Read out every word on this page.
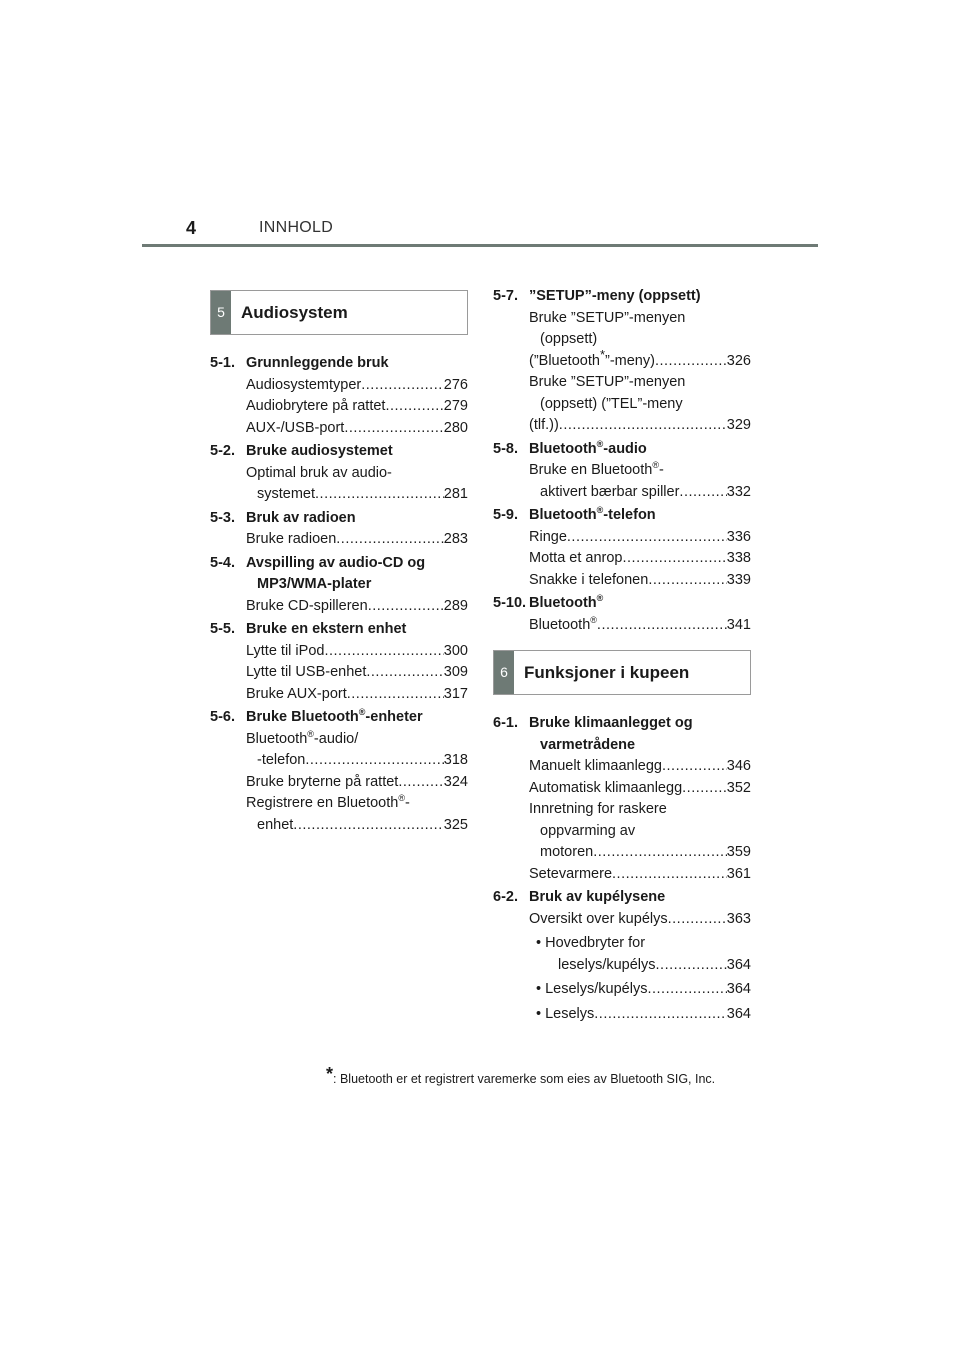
4	INNHOLD
5 Audiosystem
5-1. Grunnleggende bruk
Audiosystemtyper .....	276
Audiobrytere på rattet .....	279
AUX-/USB-port .....	280
5-2. Bruke audiosystemet
Optimal bruk av audio-
systemet .....	281
5-3. Bruk av radioen
Bruke radioen .....	283
5-4. Avspilling av audio-CD og
MP3/WMA-plater
Bruke CD-spilleren .....	289
5-5. Bruke en ekstern enhet
Lytte til iPod .....	300
Lytte til USB-enhet .....	309
Bruke AUX-port .....	317
5-6. Bruke Bluetooth®-enheter
Bluetooth®-audio/
-telefon .....	318
Bruke bryterne på rattet .....	324
Registrere en Bluetooth®-
enhet .....	325
5-7. ”SETUP”-meny (oppsett)
Bruke ”SETUP”-menyen
(oppsett)
(”Bluetooth*”-meny) .....	326
Bruke ”SETUP”-menyen
(oppsett) (”TEL”-meny
(tlf.)) .....	329
5-8. Bluetooth®-audio
Bruke en Bluetooth®-
aktivert bærbar spiller .....	332
5-9. Bluetooth®-telefon
Ringe .....	336
Motta et anrop .....	338
Snakke i telefonen .....	339
5-10. Bluetooth®
Bluetooth® .....	341
6 Funksjoner i kupeen
6-1. Bruke klimaanlegget og
varmetrådene
Manuelt klimaanlegg .....	346
Automatisk klimaanlegg .....	352
Innretning for raskere
oppvarming av
motoren .....	359
Setevarmere .....	361
6-2. Bruk av kupélysene
Oversikt over kupélys .....	363
• Hovedbryter for
leselys/kupélys .....	364
• Leselys/kupélys .....	364
• Leselys .....	364
*: Bluetooth er et registrert varemerke som eies av Bluetooth SIG, Inc.
